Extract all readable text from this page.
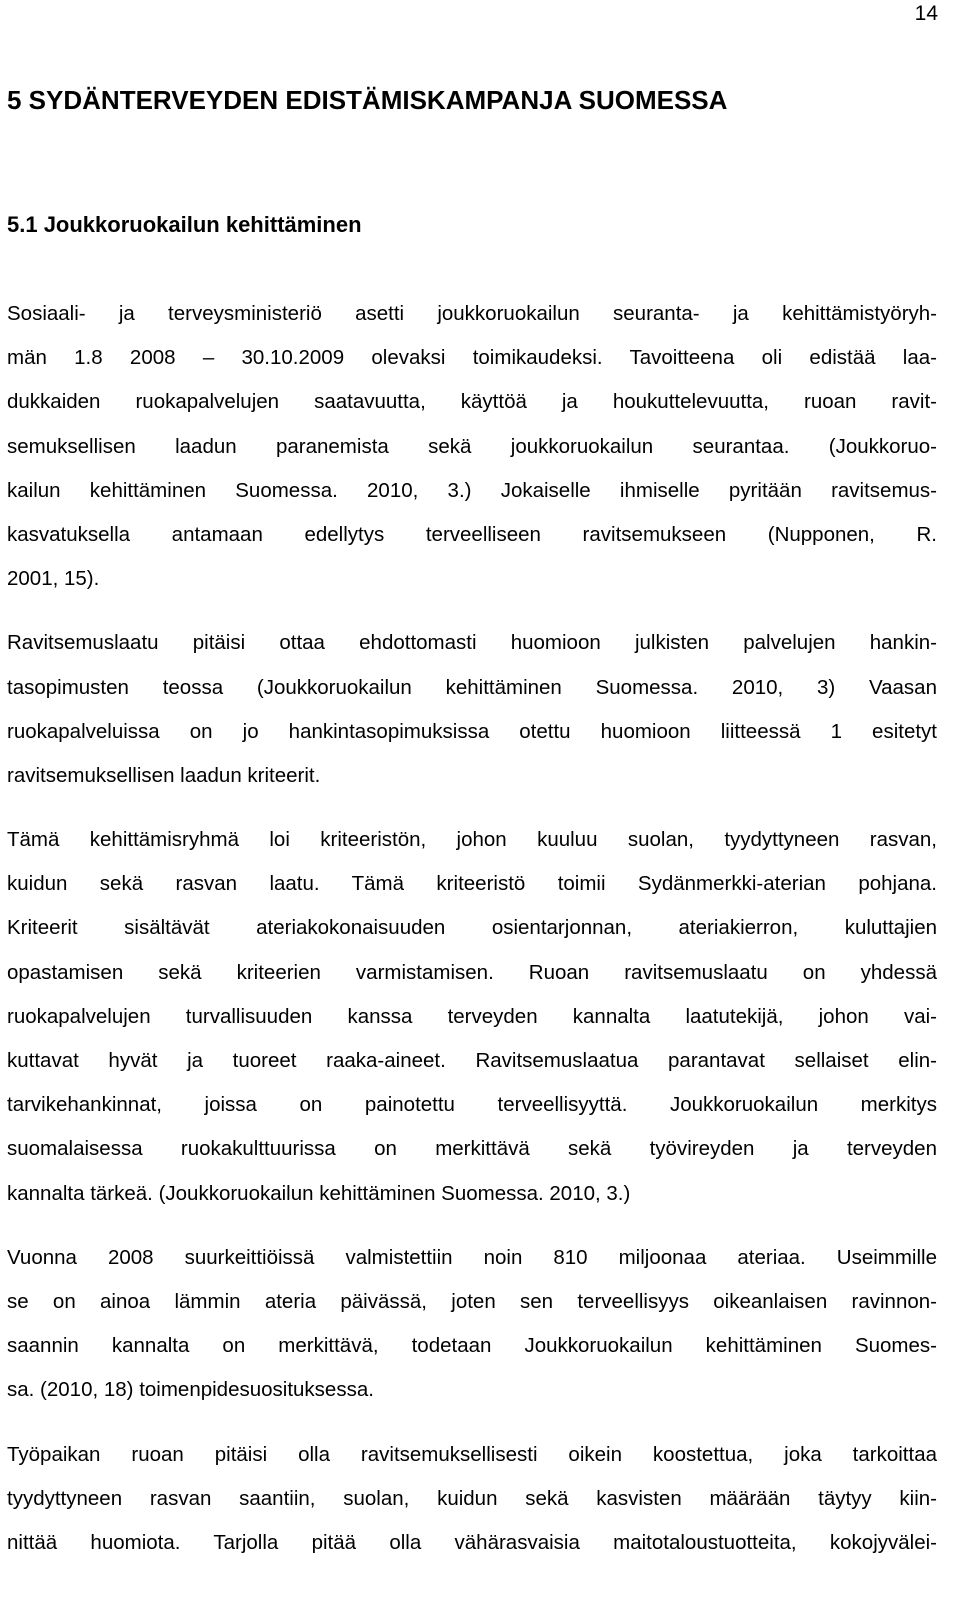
14
5 SYDÄNTERVEYDEN EDISTÄMISKAMPANJA SUOMESSA
5.1 Joukkoruokailun kehittäminen

Sosiaali- ja terveysministeriö asetti joukkoruokailun seuranta- ja kehittämistyöryh-
män 1.8 2008 – 30.10.2009 olevaksi toimikaudeksi. Tavoitteena oli edistää laa-
dukkaiden ruokapalvelujen saatavuutta, käyttöä ja houkuttelevuutta, ruoan ravit-
semuksellisen laadun paranemista sekä joukkoruokailun seurantaa. (Joukkoruo-
kailun kehittäminen Suomessa. 2010, 3.) Jokaiselle ihmiselle pyritään ravitsemus-
kasvatuksella antamaan edellytys terveelliseen ravitsemukseen (Nupponen, R.
2001, 15).

Ravitsemuslaatu pitäisi ottaa ehdottomasti huomioon julkisten palvelujen hankin-
tasopimusten teossa (Joukkoruokailun kehittäminen Suomessa. 2010, 3) Vaasan
ruokapalveluissa on jo hankintasopimuksissa otettu huomioon liitteessä 1 esitetyt
ravitsemuksellisen laadun kriteerit.

Tämä kehittämisryhmä loi kriteeristön, johon kuuluu suolan, tyydyttyneen rasvan,
kuidun sekä rasvan laatu. Tämä kriteeristö toimii Sydänmerkki-aterian pohjana.
Kriteerit sisältävät ateriakokonaisuuden osientarjonnan, ateriakierron, kuluttajien
opastamisen sekä kriteerien varmistamisen. Ruoan ravitsemuslaatu on yhdessä
ruokapalvelujen turvallisuuden kanssa terveyden kannalta laatutekijä, johon vai-
kuttavat hyvät ja tuoreet raaka-aineet. Ravitsemuslaatua parantavat sellaiset elin-
tarvikehankinnat, joissa on painotettu terveellisyyttä. Joukkoruokailun merkitys
suomalaisessa ruokakulttuurissa on merkittävä sekä työvireyden ja terveyden
kannalta tärkeä. (Joukkoruokailun kehittäminen Suomessa. 2010, 3.)

Vuonna 2008 suurkeittiöissä valmistettiin noin 810 miljoonaa ateriaa. Useimmille
se on ainoa lämmin ateria päivässä, joten sen terveellisyys oikeanlaisen ravinnon-
saannin kannalta on merkittävä, todetaan Joukkoruokailun kehittäminen Suomes-
sa. (2010, 18) toimenpidesuosituksessa.

Työpaikan ruoan pitäisi olla ravitsemuksellisesti oikein koostettua, joka tarkoittaa
tyydyttyneen rasvan saantiin, suolan, kuidun sekä kasvisten määrään täytyy kiin-
nittää huomiota. Tarjolla pitää olla vähärasvaisia maitotaloustuotteita, kokojyvälei-
